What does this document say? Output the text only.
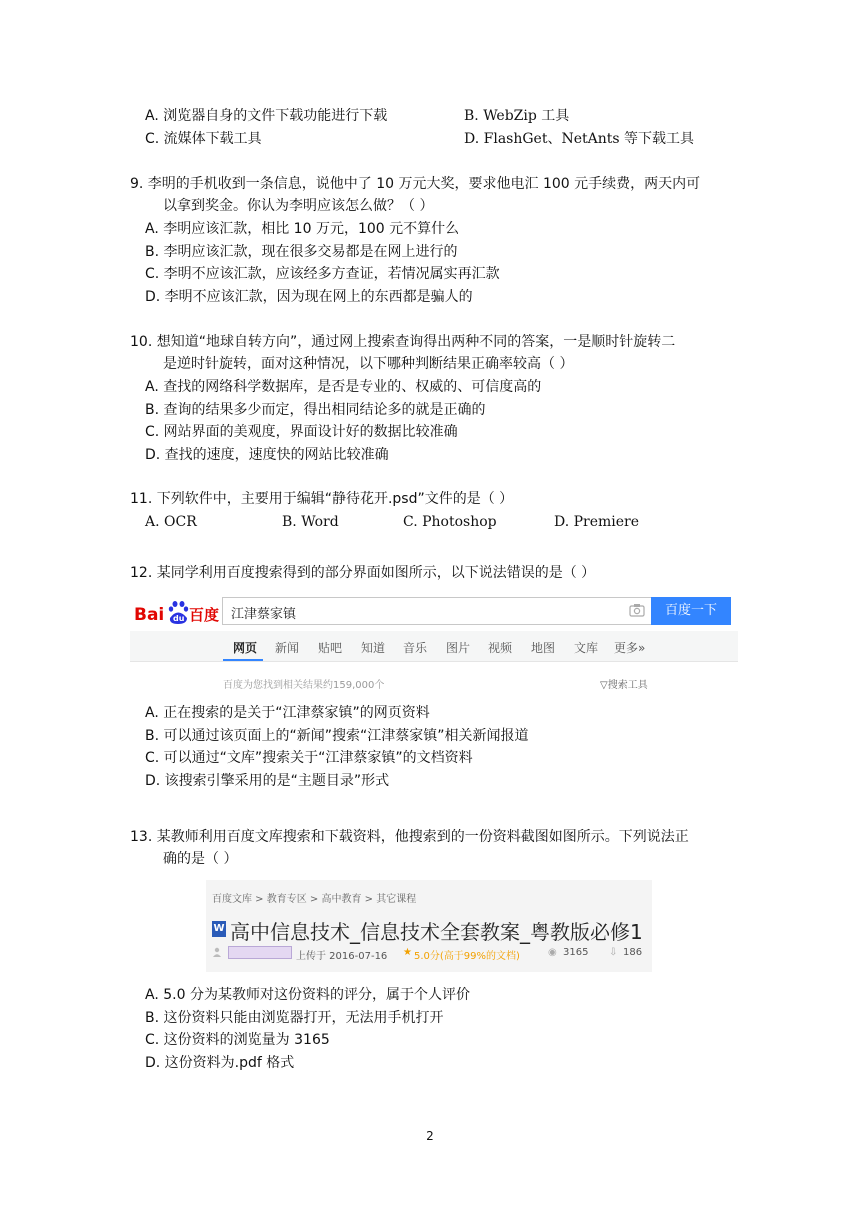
A. 浏览器自身的文件下载功能进行下载	B. WebZip 工具
C. 流媒体下载工具	D. FlashGet、NetAnts 等下载工具
9. 李明的手机收到一条信息，说他中了 10 万元大奖，要求他电汇 100 元手续费，两天内可
以拿到奖金。你认为李明应该怎么做？（ ）
A. 李明应该汇款，相比 10 万元，100 元不算什么
B. 李明应该汇款，现在很多交易都是在网上进行的
C. 李明不应该汇款，应该经多方查证，若情况属实再汇款
D. 李明不应该汇款，因为现在网上的东西都是骗人的
10. 想知道“地球自转方向”，通过网上搜索查询得出两种不同的答案，一是顺时针旋转二
是逆时针旋转，面对这种情况，以下哪种判断结果正确率较高（ ）
A. 查找的网络科学数据库，是否是专业的、权威的、可信度高的
B. 查询的结果多少而定，得出相同结论多的就是正确的
C. 网站界面的美观度，界面设计好的数据比较准确
D. 查找的速度，速度快的网站比较准确
11. 下列软件中，主要用于编辑“静待花开.psd”文件的是（ ）
A. OCR	B. Word	C. Photoshop	D. Premiere
12. 某同学利用百度搜索得到的部分界面如图所示，以下说法错误的是（ ）
Bai du 百度 江津蔡家镇	百度一下
网页 新闻 贴吧 知道 音乐 图片 视频 地图 文库 更多»
百度为您找到相关结果约159,000个	▽搜索工具
A. 正在搜索的是关于“江津蔡家镇”的网页资料
B. 可以通过该页面上的“新闻”搜索“江津蔡家镇”相关新闻报道
C. 可以通过“文库”搜索关于“江津蔡家镇”的文档资料
D. 该搜索引擎采用的是“主题目录”形式
13. 某教师利用百度文库搜索和下载资料，他搜索到的一份资料截图如图所示。下列说法正
确的是（ ）
百度文库 > 教育专区 > 高中教育 > 其它课程
W 高中信息技术_信息技术全套教案_粤教版必修1
上传于 2016-07-16 ★ 5.0分(高于99%的文档)	◉ 3165 ⇩ 186
A. 5.0 分为某教师对这份资料的评分，属于个人评价
B. 这份资料只能由浏览器打开，无法用手机打开
C. 这份资料的浏览量为 3165
D. 这份资料为.pdf 格式
2
